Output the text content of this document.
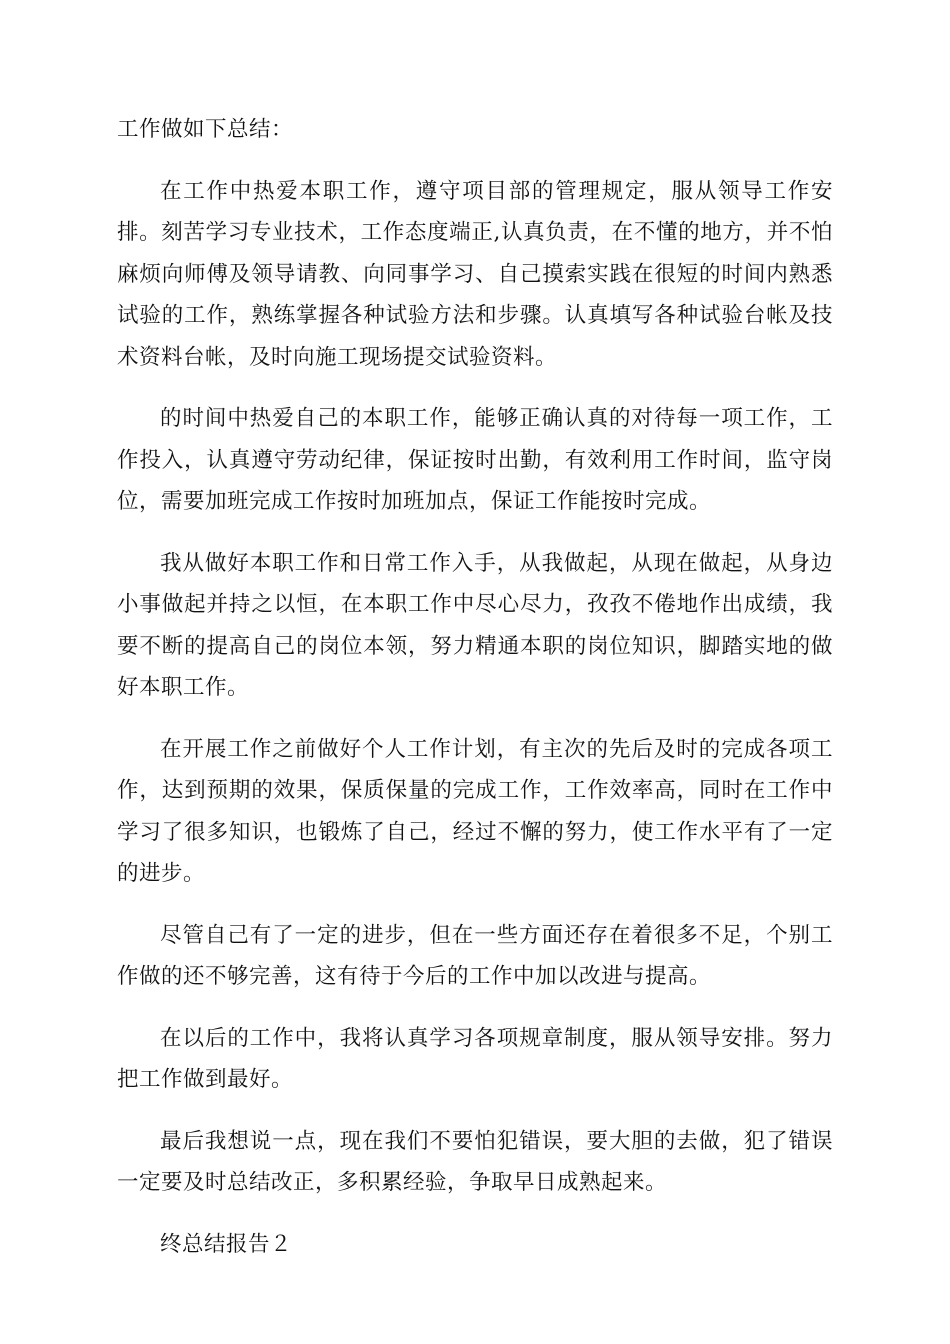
工作做如下总结：

在工作中热爱本职工作，遵守项目部的管理规定，服从领导工作安排。刻苦学习专业技术，工作态度端正,认真负责，在不懂的地方，并不怕麻烦向师傅及领导请教、向同事学习、自己摸索实践在很短的时间内熟悉试验的工作，熟练掌握各种试验方法和步骤。认真填写各种试验台帐及技术资料台帐，及时向施工现场提交试验资料。

的时间中热爱自己的本职工作，能够正确认真的对待每一项工作，工作投入，认真遵守劳动纪律，保证按时出勤，有效利用工作时间，监守岗位，需要加班完成工作按时加班加点，保证工作能按时完成。

我从做好本职工作和日常工作入手，从我做起，从现在做起，从身边小事做起并持之以恒，在本职工作中尽心尽力，孜孜不倦地作出成绩，我要不断的提高自己的岗位本领，努力精通本职的岗位知识，脚踏实地的做好本职工作。

在开展工作之前做好个人工作计划，有主次的先后及时的完成各项工作，达到预期的效果，保质保量的完成工作，工作效率高，同时在工作中学习了很多知识，也锻炼了自己，经过不懈的努力，使工作水平有了一定的进步。

尽管自己有了一定的进步，但在一些方面还存在着很多不足，个别工作做的还不够完善，这有待于今后的工作中加以改进与提高。

在以后的工作中，我将认真学习各项规章制度，服从领导安排。努力把工作做到最好。

最后我想说一点，现在我们不要怕犯错误，要大胆的去做，犯了错误一定要及时总结改正，多积累经验，争取早日成熟起来。

终总结报告２
